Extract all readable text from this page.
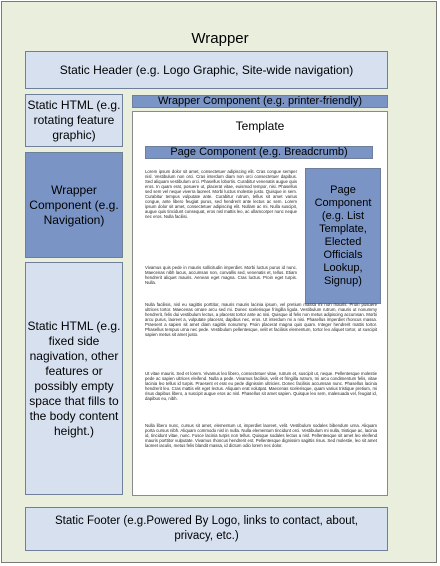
Wrapper
Static Header (e.g. Logo Graphic, Site-wide navigation)
Static HTML (e.g. rotating feature graphic)
Wrapper Component (e.g. Navigation)
Static HTML (e.g. fixed side nagivation, other features or possibly empty space that fills to the body content height.)
Wrapper Component (e.g. printer-friendly)
Template
Page Component (e.g. Breadcrumb)
Page Component (e.g. List Template, Elected Officials Lookup, Signup)
Lorem ipsum dolor sit amet, consectetuer adipiscing elit. Cras congue semper nisl. Vestibulum non orci. Cras interdum diam non orci consectetuer dapibus. Sed aliquam vestibulum orci. Phasellus lobortis. Curabitur venenatis augue quis eros. In quam erat, posuere ut, placerat vitae, euismod tempor, nisi. Phasellus sed sem vel neque viverra laoreet. Morbi luctus molestie justo. Quisque in sem. Curabitur tempus vulputate ante. Curabitur rutrum, tellus sit amet varius congue, ante libero feugiat purus, sed hendrerit ante lectus ac sem. Lorem ipsum dolor sit amet, consectetuer adipiscing elit. Nullam ac mi. Nulla suscipit, augue quis tincidunt consequat, eros nisl mattis leo, ac ullamcorper nunc neque nec eros. Nulla facilisi.
Vivamus quis pede in mauris sollicitudin imperdiet. Morbi luctus purus id nunc. Maecenas nibh lacus, accumsan non, convallis sed, venenatis et, tellus. Etiam hendrerit aliquet mauris. Aenean eget magna. Cras luctus. Proin eget turpis. Nulla.
Nulla facilisis, nisl eu sagittis porttitor, mauris mauris lacinia ipsum, vel pretium massa mi non mauris. Proin posuere ultrices tortor. Maecenas ornare arcu sed mi. Donec scelerisque fringilla ligula. Vestibulum rutrum, mauris ut nonummy hendrerit, felis dui vestibulum lectus, a placerat tortor ante ac nisi. Quisque id felis non metus adipiscing accumsan. Morbi arcu purus, laoreet a, vulputate placerat, dapibus nec, eros. Ut interdum mi a nisi. Phasellus imperdiet rhoncus massa. Praesent a sapien sit amet diam sagittis nonummy. Proin placerat magna quis quam. Integer hendrerit mattis tortor. Phasellus tempus urna nec pede. Vestibulum pellentesque, velit et facilisis elementum, tortor leo aliquet tortor, ut suscipit sapien metus sit amet justo.
Ut vitae mauris. Sed et lorem. Vivamus leo libero, consectetuer vitae, rutrum et, suscipit ut, neque. Pellentesque molestie pede ac sapien ultrices eleifend. Nulla a pede. Vivamus facilisis, velit et fringilla rutrum, mi arcu condimentum felis, vitae lacinia leo tellus id turpis. Praesent et erat eu pede dignissim ultricies. Donec facilisis accumsan nunc. Phasellus lacinia hendrerit leo. Cras mattis elit eget lectus. Aliquam erat volutpat. Maecenas scelerisque, quam varius tristique pretium, mi risus dapibus libero, a suscipit augue eros ac nisl. Phasellus sit amet sapien. Quisque leo sem, malesuada vel, feugiat id, dapibus eu, nibh.
Nulla libero nunc, cursus sit amet, elementum ut, imperdiet laoreet, velit. Vestibulum sodales bibendum urna. Aliquam porta cursus nibh. Aliquam commodo nisl in nulla. Nulla elementum tincidunt orci. Vestibulum mi nulla, tristique ac, lacinia id, tincidunt vitae, nunc. Fusce lacinia turpis non tellus. Quisque sodales lectus a nisl. Pellentesque sit amet leo eleifend mauris porttitor vulputate. Vivamus rhoncus hendrerit est. Pellentesque dignissim sagittis risus. Sed molestie, leo sit amet laoreet iaculis, metus felis blandit massa, id dictum odio lorem nec dolor.
Static Footer (e.g.Powered By Logo, links to contact, about, privacy, etc.)
